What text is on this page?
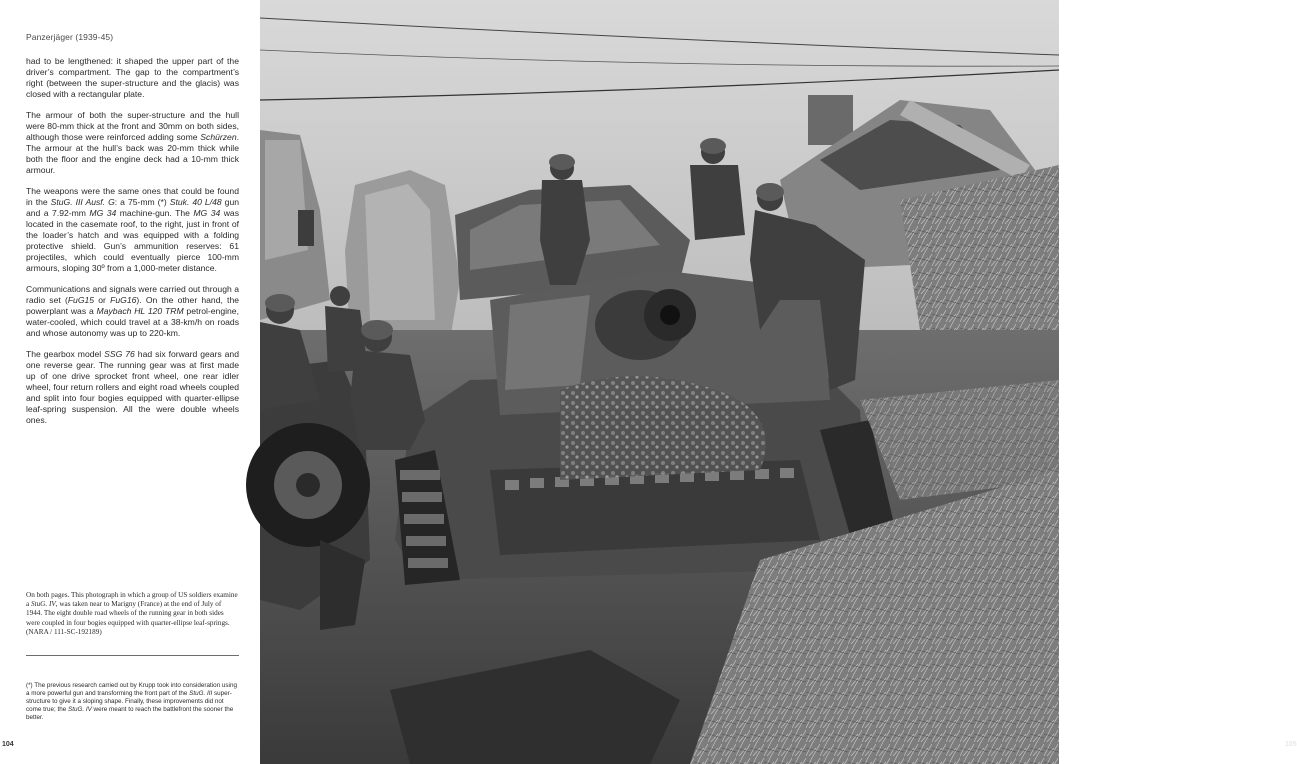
Panzerjäger (1939-45)

had to be lengthened: it shaped the upper part of the driver’s compartment. The gap to the compartment’s right (between the super-structure and the glacis) was closed with a rectangular plate.

The armour of both the super-structure and the hull were 80-mm thick at the front and 30mm on both sides, although those were reinforced adding some Schürzen. The armour at the hull’s back was 20-mm thick while both the floor and the engine deck had a 10-mm thick armour.

The weapons were the same ones that could be found in the StuG. III Ausf. G: a 75-mm (*) Stuk. 40 L/48 gun and a 7.92-mm MG 34 machine-gun. The MG 34 was located in the casemate roof, to the right, just in front of the loader’s hatch and was equipped with a folding protective shield. Gun’s ammunition reserves: 61 projectiles, which could eventually pierce 100-mm armours, sloping 30º from a 1,000-meter distance.

Communications and signals were carried out through a radio set (FuG15 or FuG16). On the other hand, the powerplant was a Maybach HL 120 TRM petrol-engine, water-cooled, which could travel at a 38-km/h on roads and whose autonomy was up to 220-km.

The gearbox model SSG 76 had six forward gears and one reverse gear. The running gear was at first made up of one drive sprocket front wheel, one rear idler wheel, four return rollers and eight road wheels coupled and split into four bogies equipped with quarter-ellipse leaf-spring suspension. All the were double wheels ones.

On both pages. This photograph in which a group of US soldiers examine a StuG. IV, was taken near to Marigny (France) at the end of July of 1944. The eight double road wheels of the running gear in both sides were coupled in four bogies equipped with quarter-ellipse leaf-springs. (NARA / 111-SC-192189)
(*) The previous research carried out by Krupp took into consideration using a more powerful gun and transforming the front part of the StuG. III super-structure to give it a sloping shape. Finally, these improvements did not come true; the StuG. IV were meant to reach the battlefront the sooner the better.
104	105
